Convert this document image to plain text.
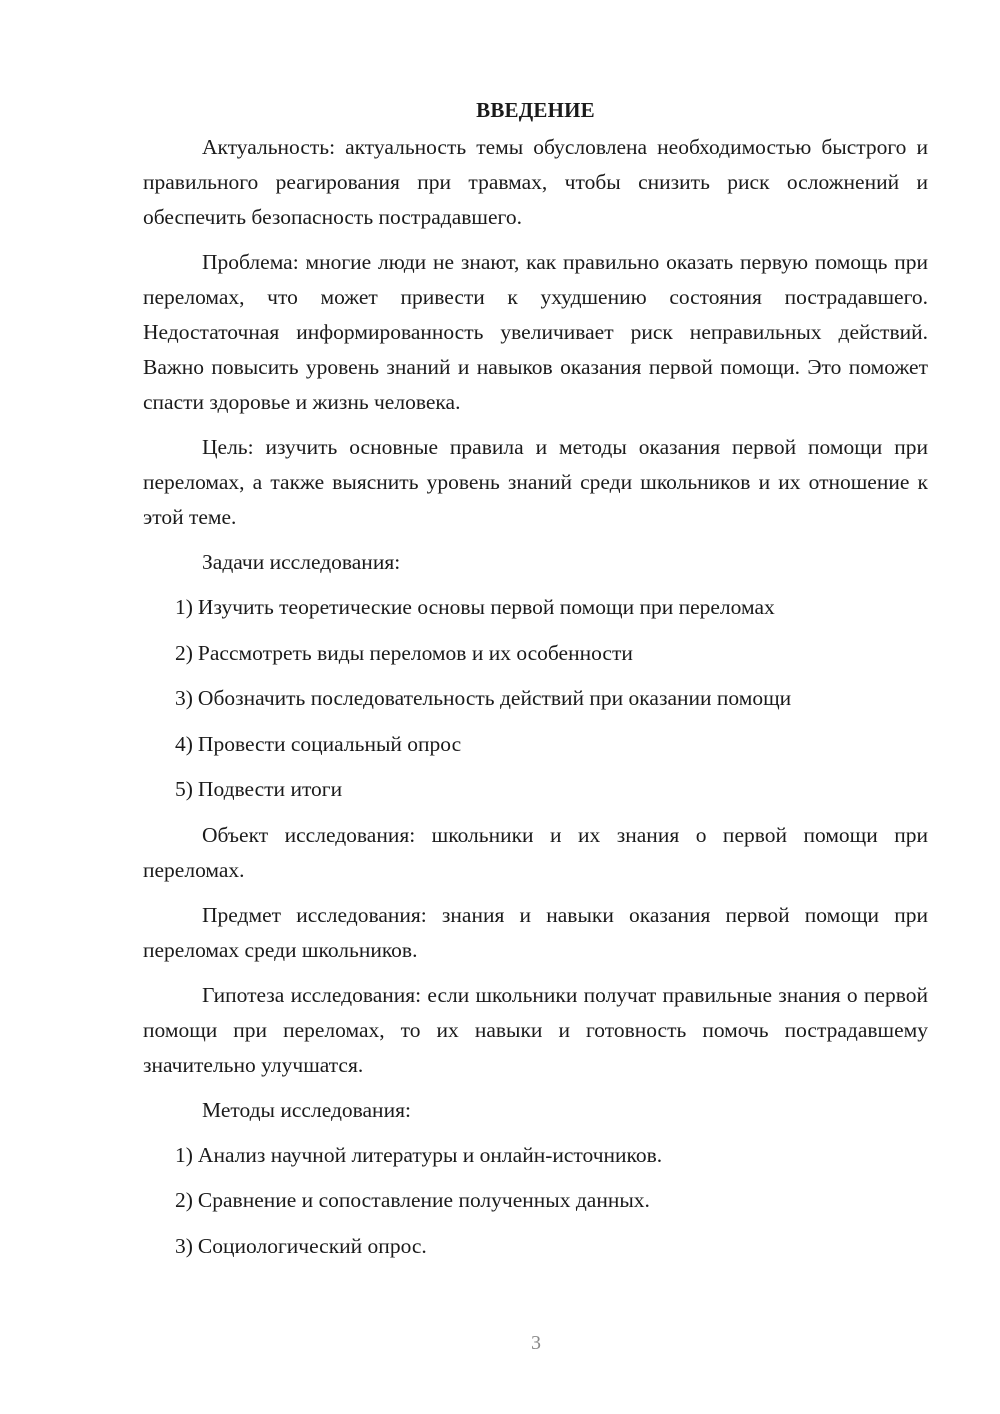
ВВЕДЕНИЕ

Актуальность: актуальность темы обусловлена необходимостью быстрого и правильного реагирования при травмах, чтобы снизить риск осложнений и обеспечить безопасность пострадавшего.

Проблема: многие люди не знают, как правильно оказать первую помощь при переломах, что может привести к ухудшению состояния пострадавшего. Недостаточная информированность увеличивает риск неправильных действий. Важно повысить уровень знаний и навыков оказания первой помощи. Это поможет спасти здоровье и жизнь человека.

Цель: изучить основные правила и методы оказания первой помощи при переломах, а также выяснить уровень знаний среди школьников и их отношение к этой теме.

Задачи исследования:

1) Изучить теоретические основы первой помощи при переломах
2) Рассмотреть виды переломов и их особенности
3) Обозначить последовательность действий при оказании помощи
4) Провести социальный опрос
5) Подвести итоги

Объект исследования: школьники и их знания о первой помощи при переломах.

Предмет исследования: знания и навыки оказания первой помощи при переломах среди школьников.

Гипотеза исследования: если школьники получат правильные знания о первой помощи при переломах, то их навыки и готовность помочь пострадавшему значительно улучшатся.

Методы исследования:

1) Анализ научной литературы и онлайн-источников.
2) Сравнение и сопоставление полученных данных.
3) Социологический опрос.
3
